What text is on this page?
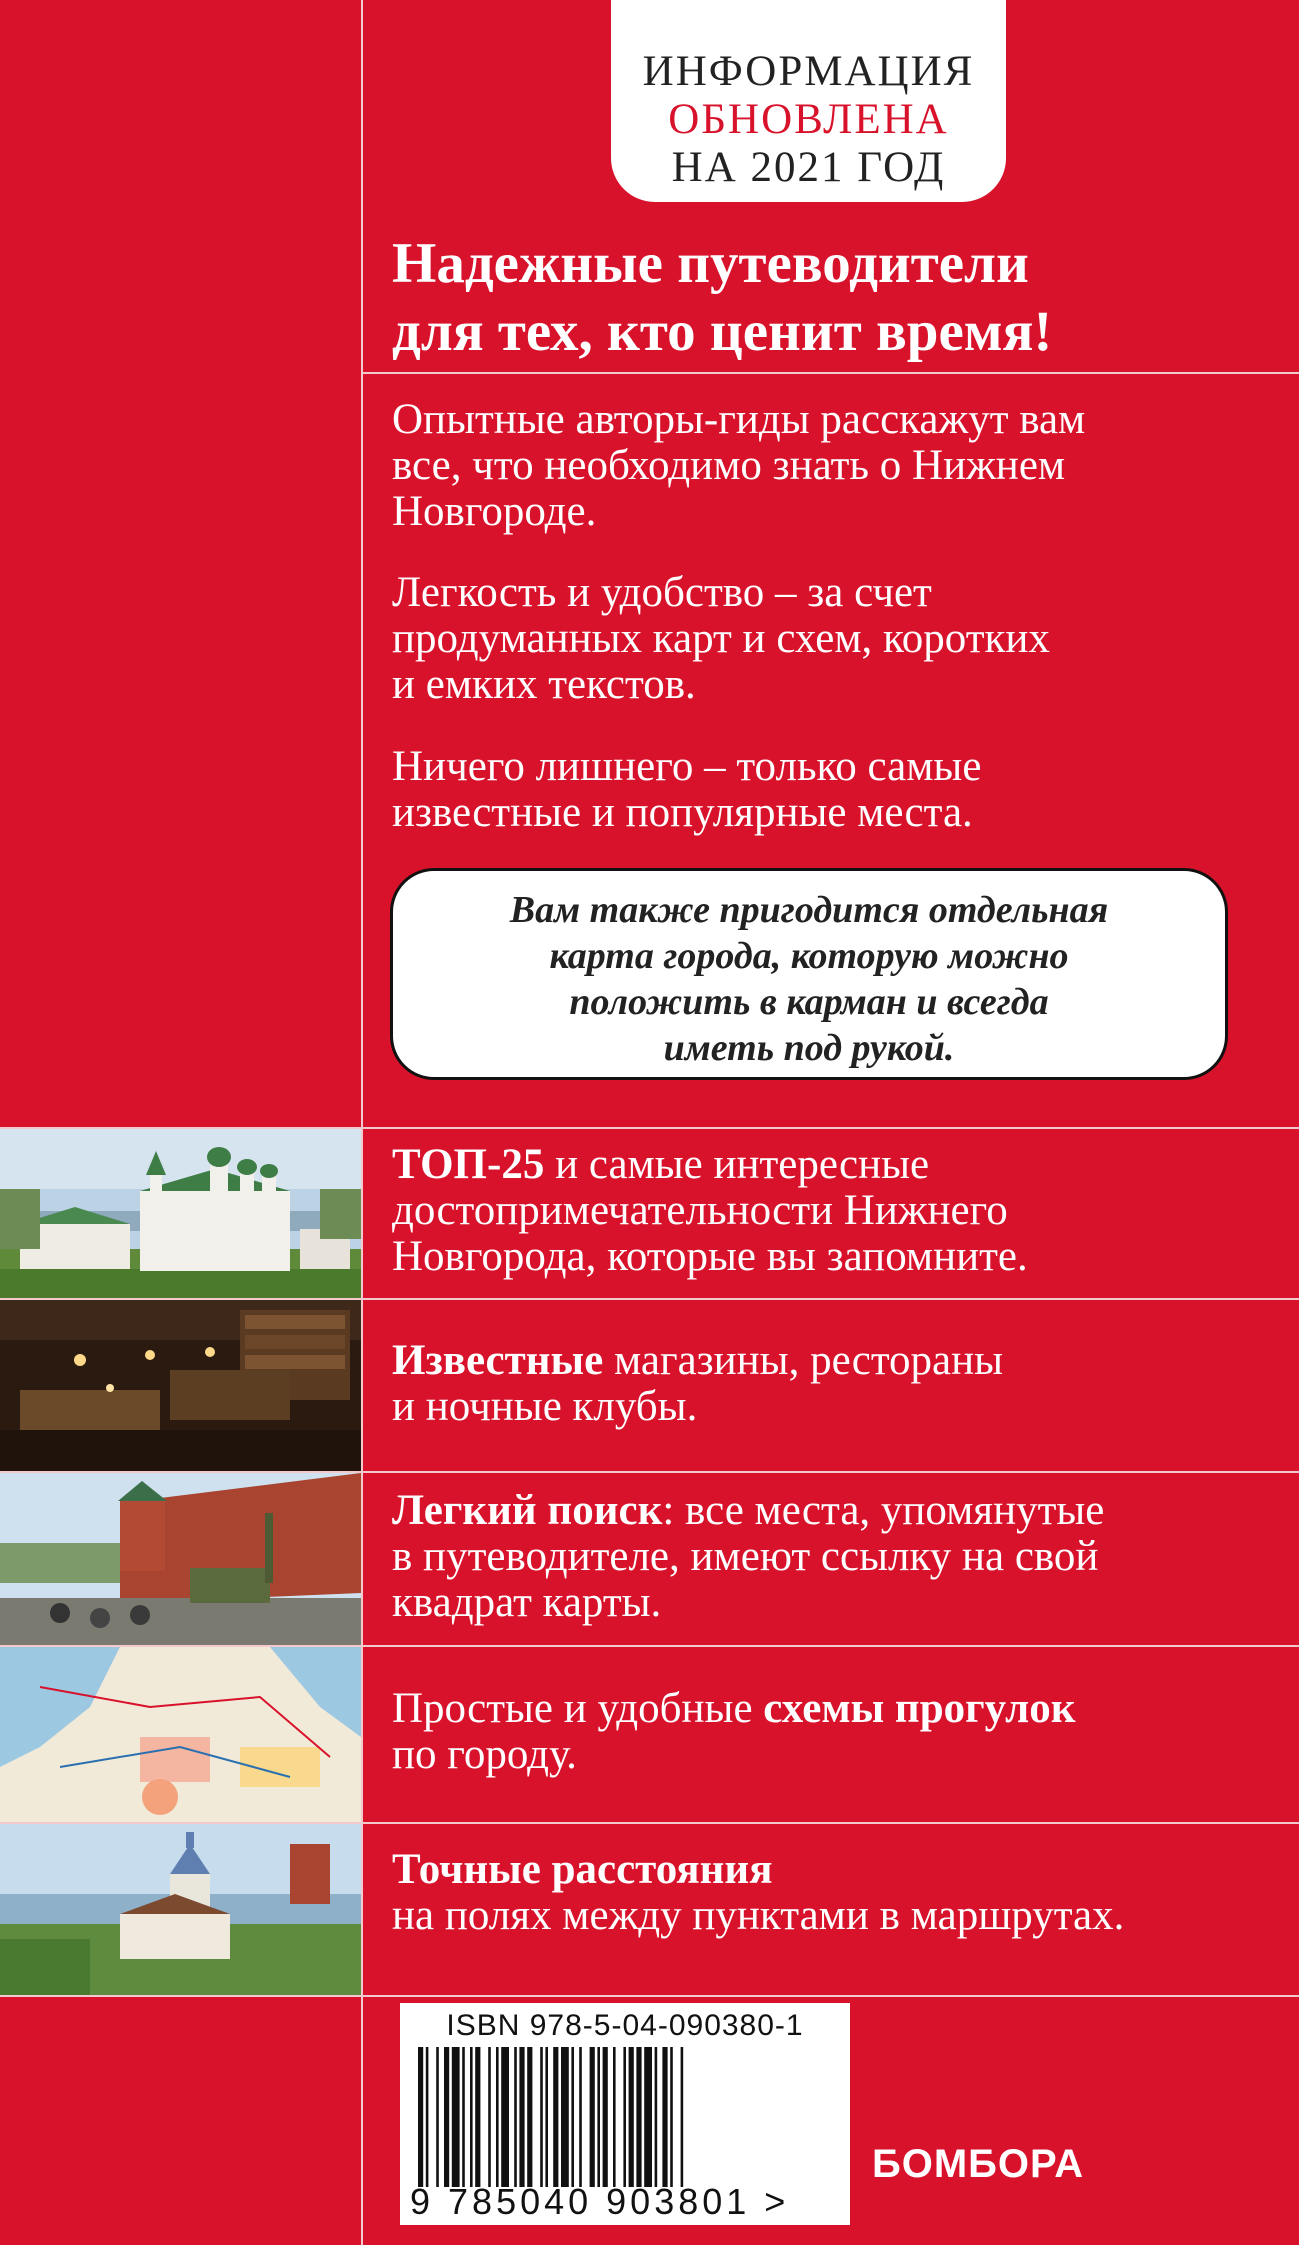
ИНФОРМАЦИЯ
ОБНОВЛЕНА
НА 2021 ГОД
Надежные путеводители
для тех, кто ценит время!
Опытные авторы-гиды расскажут вам
все, что необходимо знать о Нижнем
Новгороде.
Легкость и удобство – за счет
продуманных карт и схем, коротких
и емких текстов.
Ничего лишнего – только самые
известные и популярные места.
Вам также пригодится отдельная
карта города, которую можно
положить в карман и всегда
иметь под рукой.
ТОП-25 и самые интересные
достопримечательности Нижнего
Новгорода, которые вы запомните.
Известные магазины, рестораны
и ночные клубы.
Легкий поиск: все места, упомянутые
в путеводителе, имеют ссылку на свой
квадрат карты.
Простые и удобные схемы прогулок
по городу.
Точные расстояния
на полях между пунктами в маршрутах.
ISBN 978-5-04-090380-1
9 785040 903801 >
БОМБОРА
